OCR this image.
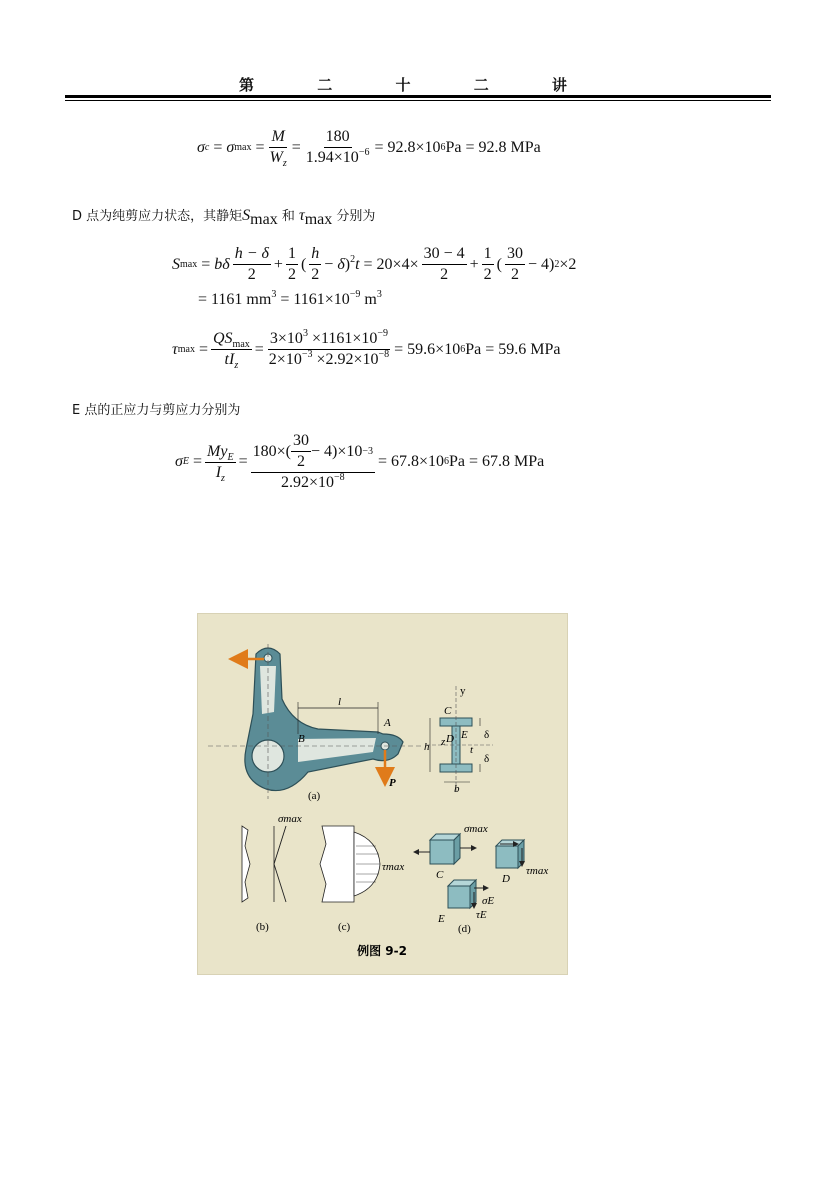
第 二 十 二 讲
σ c = σ $\max = \frac{M}{W_z} = \frac{180}{1.94\times 10^{-6}} = 92.8\times 10$ 6 Pa = 92.8 MPa
D 点为纯剪应力状态，其静矩$S_{max}$ 和 $\tau_{max}$ 分别为
S max = bδ $\frac{h - \delta}{2} + \frac{1}{2}$ ( $\frac{h}{2} - \delta)^2t = 20\times 4\times \frac{30 - 4}{2} + \frac{1}{2}$ ( $\frac{30}{2} - 4$) 2 ×2
= 1161 $mm^3 = 1161\times 10^{-9}$ $m^3$
τ $\max = \frac{QS_{max}}{tI_z} = \frac{3\times 10^3 \times 1161\times 10^{-9}}{2\times 10^{-3} \times 2.92\times 10^{-8}} = 59.6\times 10$ 6 Pa = 59.6 MPa
E 点的正应力与剪应力分别为
σ $E = \frac{My_E}{I_z} = \frac{180\times( \frac{30}{2} - 4)\times 10 -3}{2.92\times 10^{-8}} = 67.8\times 10$ 6 Pa = 67.8 MPa
l
A
B
P
(a)
y
C
z D E
h	t
δ
δ
b
σmax
(b)
τmax
(c)
σmax
C	τmax
D
σE
τE
E
(d)
例图 9-2
